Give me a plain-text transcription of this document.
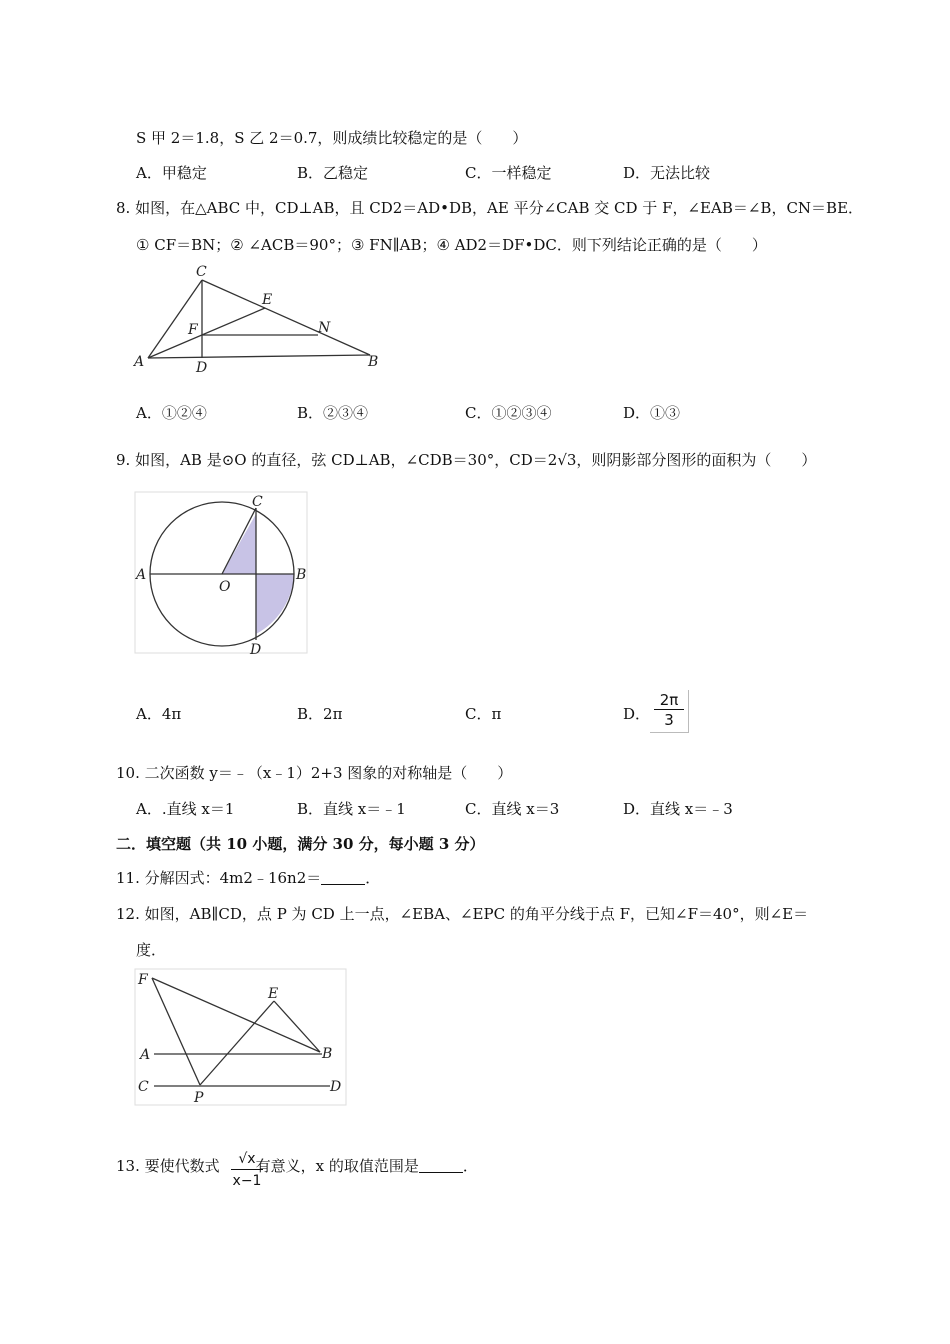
S 甲 2＝1.8，S 乙 2＝0.7，则成绩比较稳定的是（　　）
A．甲稳定	B．乙稳定	C．一样稳定	D．无法比较
8. 如图，在△ABC 中，CD⊥AB，且 CD2＝AD•DB，AE 平分∠CAB 交 CD 于 F，∠EAB＝∠B，CN＝BE．
① CF＝BN；② ∠ACB＝90°；③ FN∥AB；④ AD2＝DF•DC．则下列结论正确的是（　　）
C
E
F	N
A	D	B
A．①②④	B．②③④	C．①②③④	D．①③
9. 如图，AB 是⊙O 的直径，弦 CD⊥AB，∠CDB＝30°，CD＝2√3，则阴影部分图形的面积为（　　）
C
A
O
B
D
A．4π	B．2π	C．π	D． $\frac{2\pi}{3}$
10. 二次函数 y＝﹣（x﹣1）2+3 图象的对称轴是（　　）
A．.直线 x＝1	B．直线 x＝﹣1	C．直线 x＝3	D．直线 x＝﹣3
二．填空题（共 10 小题，满分 30 分，每小题 3 分）
11. 分解因式：4m2﹣16n2＝	．
12. 如图，AB∥CD，点 P 为 CD 上一点，∠EBA、∠EPC 的角平分线于点 F，已知∠F＝40°，则∠E＝
度．
F
E
A	B
C
P
D
13. 要使代数式 有意义，x 的取值范围是	．
$\frac{√x}{x-1}$
